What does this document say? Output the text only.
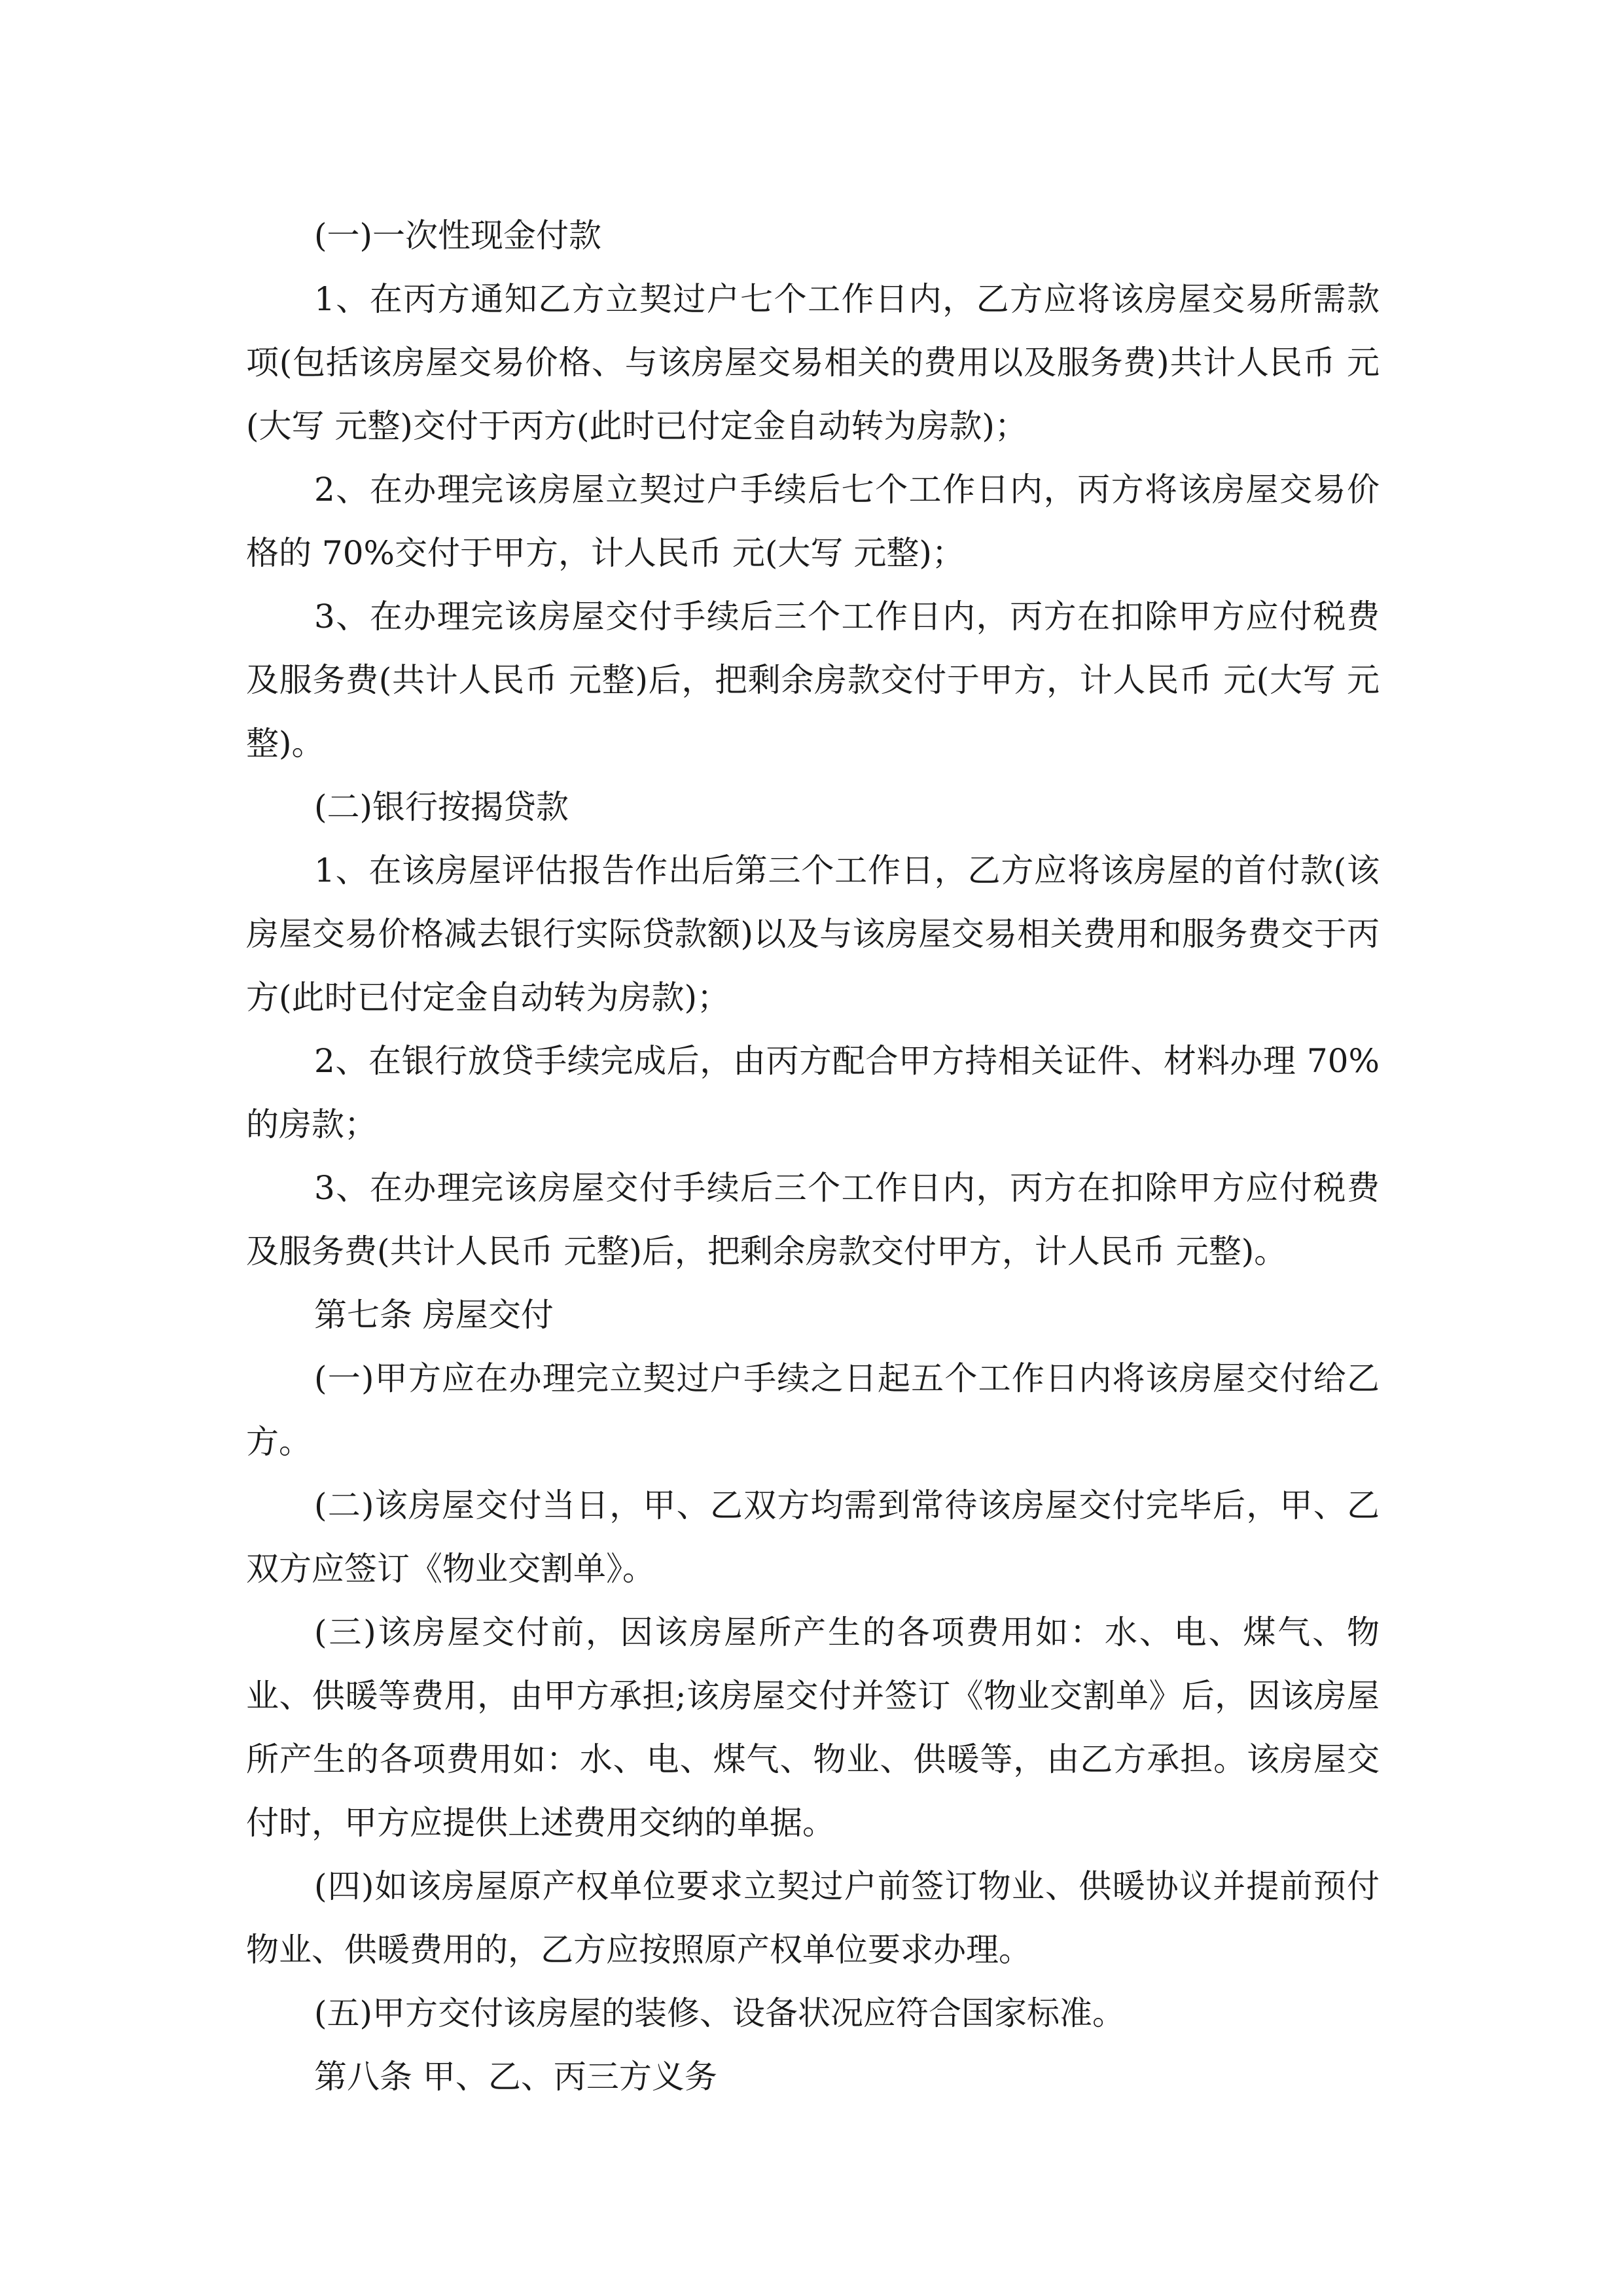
(一)一次性现金付款

1、在丙方通知乙方立契过户七个工作日内，乙方应将该房屋交易所需款项(包括该房屋交易价格、与该房屋交易相关的费用以及服务费)共计人民币 元(大写 元整)交付于丙方(此时已付定金自动转为房款)；

2、在办理完该房屋立契过户手续后七个工作日内，丙方将该房屋交易价格的 70%交付于甲方，计人民币 元(大写 元整)；

3、在办理完该房屋交付手续后三个工作日内，丙方在扣除甲方应付税费及服务费(共计人民币 元整)后，把剩余房款交付于甲方，计人民币 元(大写 元整)。

(二)银行按揭贷款

1、在该房屋评估报告作出后第三个工作日，乙方应将该房屋的首付款(该房屋交易价格减去银行实际贷款额)以及与该房屋交易相关费用和服务费交于丙方(此时已付定金自动转为房款)；

2、在银行放贷手续完成后，由丙方配合甲方持相关证件、材料办理 70%的房款；

3、在办理完该房屋交付手续后三个工作日内，丙方在扣除甲方应付税费及服务费(共计人民币 元整)后，把剩余房款交付甲方，计人民币 元整)。

第七条 房屋交付

(一)甲方应在办理完立契过户手续之日起五个工作日内将该房屋交付给乙方。

(二)该房屋交付当日，甲、乙双方均需到常待该房屋交付完毕后，甲、乙双方应签订《物业交割单》。

(三)该房屋交付前，因该房屋所产生的各项费用如：水、电、煤气、物业、供暖等费用，由甲方承担;该房屋交付并签订《物业交割单》后，因该房屋所产生的各项费用如：水、电、煤气、物业、供暖等，由乙方承担。该房屋交付时，甲方应提供上述费用交纳的单据。

(四)如该房屋原产权单位要求立契过户前签订物业、供暖协议并提前预付物业、供暖费用的，乙方应按照原产权单位要求办理。

(五)甲方交付该房屋的装修、设备状况应符合国家标准。

第八条 甲、乙、丙三方义务
